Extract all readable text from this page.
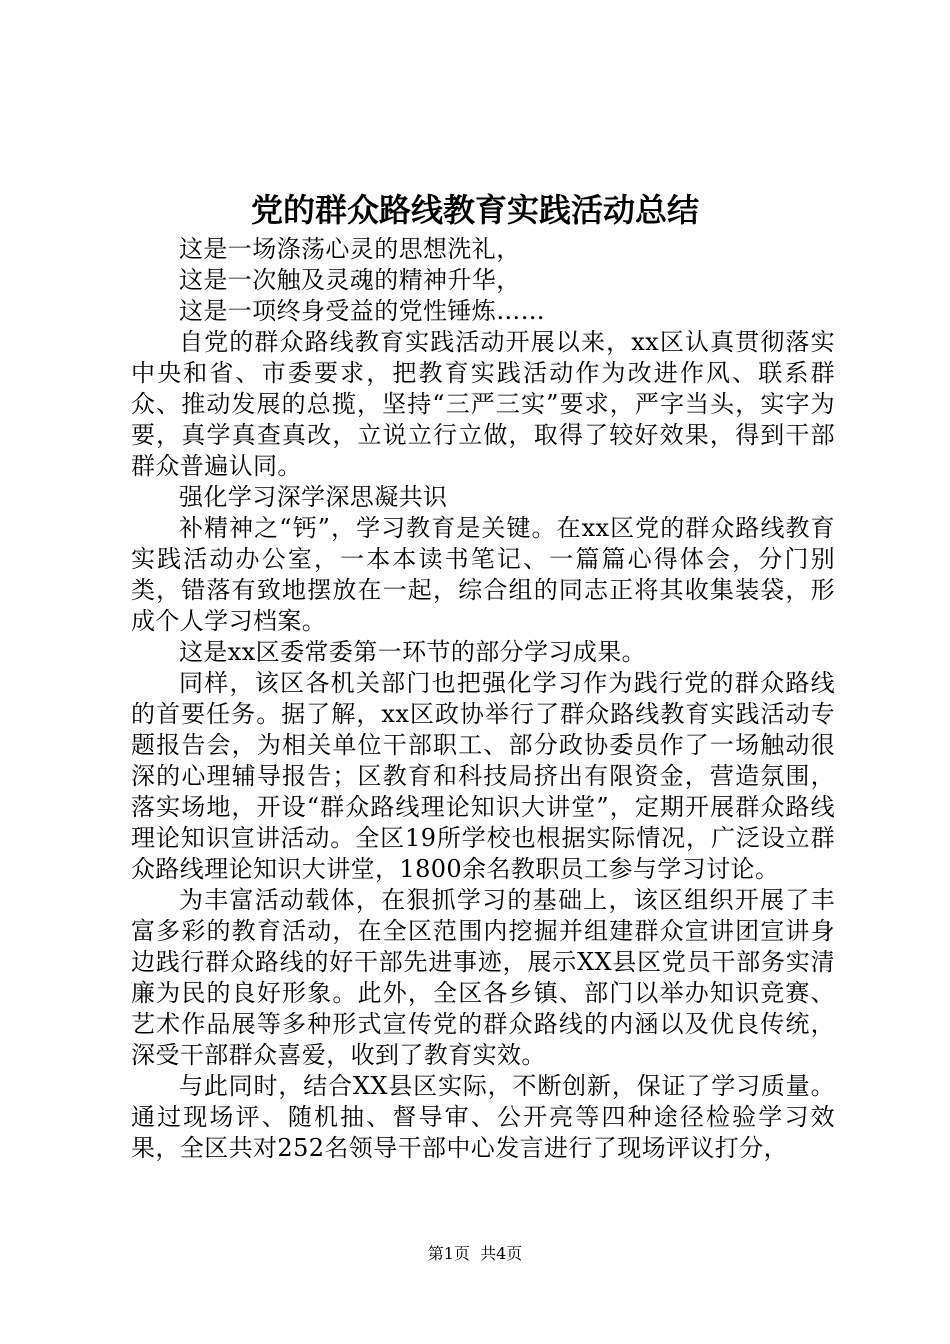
党的群众路线教育实践活动总结

这是一场涤荡心灵的思想洗礼，

这是一次触及灵魂的精神升华，

这是一项终身受益的党性锤炼……

自党的群众路线教育实践活动开展以来，xx区认真贯彻落实中央和省、市委要求，把教育实践活动作为改进作风、联系群众、推动发展的总揽，坚持“三严三实”要求，严字当头，实字为要，真学真查真改，立说立行立做，取得了较好效果，得到干部群众普遍认同。

强化学习深学深思凝共识

补精神之“钙”，学习教育是关键。在xx区党的群众路线教育实践活动办公室，一本本读书笔记、一篇篇心得体会，分门别类，错落有致地摆放在一起，综合组的同志正将其收集装袋，形成个人学习档案。

这是xx区委常委第一环节的部分学习成果。

同样，该区各机关部门也把强化学习作为践行党的群众路线的首要任务。据了解，xx区政协举行了群众路线教育实践活动专题报告会，为相关单位干部职工、部分政协委员作了一场触动很深的心理辅导报告；区教育和科技局挤出有限资金，营造氛围，落实场地，开设“群众路线理论知识大讲堂”，定期开展群众路线理论知识宣讲活动。全区19所学校也根据实际情况，广泛设立群众路线理论知识大讲堂，1800余名教职员工参与学习讨论。

为丰富活动载体，在狠抓学习的基础上，该区组织开展了丰富多彩的教育活动，在全区范围内挖掘并组建群众宣讲团宣讲身边践行群众路线的好干部先进事迹，展示XX县区党员干部务实清廉为民的良好形象。此外，全区各乡镇、部门以举办知识竞赛、艺术作品展等多种形式宣传党的群众路线的内涵以及优良传统，深受干部群众喜爱，收到了教育实效。

与此同时，结合XX县区实际，不断创新，保证了学习质量。通过现场评、随机抽、督导审、公开亮等四种途径检验学习效果，全区共对252名领导干部中心发言进行了现场评议打分，

第1页  共4页
